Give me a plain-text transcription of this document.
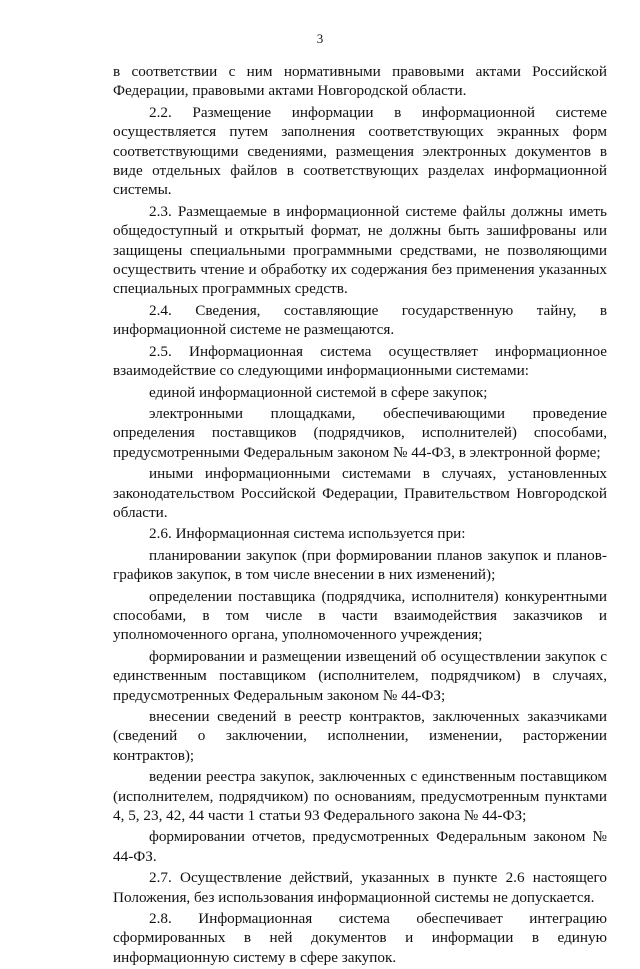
3

в соответствии с ним нормативными правовыми актами Российской Федерации, правовыми актами Новгородской области.

2.2. Размещение информации в информационной системе осуществляется путем заполнения соответствующих экранных форм соответствующими сведениями, размещения электронных документов в виде отдельных файлов в соответствующих разделах информационной системы.

2.3. Размещаемые в информационной системе файлы должны иметь общедоступный и открытый формат, не должны быть зашифрованы или защищены специальными программными средствами, не позволяющими осуществить чтение и обработку их содержания без применения указанных специальных программных средств.

2.4. Сведения, составляющие государственную тайну, в информационной системе не размещаются.

2.5. Информационная система осуществляет информационное взаимодействие со следующими информационными системами:

единой информационной системой в сфере закупок;

электронными площадками, обеспечивающими проведение определения поставщиков (подрядчиков, исполнителей) способами, предусмотренными Федеральным законом № 44-ФЗ, в электронной форме;

иными информационными системами в случаях, установленных законодательством Российской Федерации, Правительством Новгородской области.

2.6. Информационная система используется при:

планировании закупок (при формировании планов закупок и планов-графиков закупок, в том числе внесении в них изменений);

определении поставщика (подрядчика, исполнителя) конкурентными способами, в том числе в части взаимодействия заказчиков и уполномоченного органа, уполномоченного учреждения;

формировании и размещении извещений об осуществлении закупок с единственным поставщиком (исполнителем, подрядчиком) в случаях, предусмотренных Федеральным законом № 44-ФЗ;

внесении сведений в реестр контрактов, заключенных заказчиками (сведений о заключении, исполнении, изменении, расторжении контрактов);

ведении реестра закупок, заключенных с единственным поставщиком (исполнителем, подрядчиком) по основаниям, предусмотренным пунктами 4, 5, 23, 42, 44 части 1 статьи 93 Федерального закона № 44-ФЗ;

формировании отчетов, предусмотренных Федеральным законом № 44-ФЗ.

2.7. Осуществление действий, указанных в пункте 2.6 настоящего Положения, без использования информационной системы не допускается.

2.8. Информационная система обеспечивает интеграцию сформированных в ней документов и информации в единую информационную систему в сфере закупок.
